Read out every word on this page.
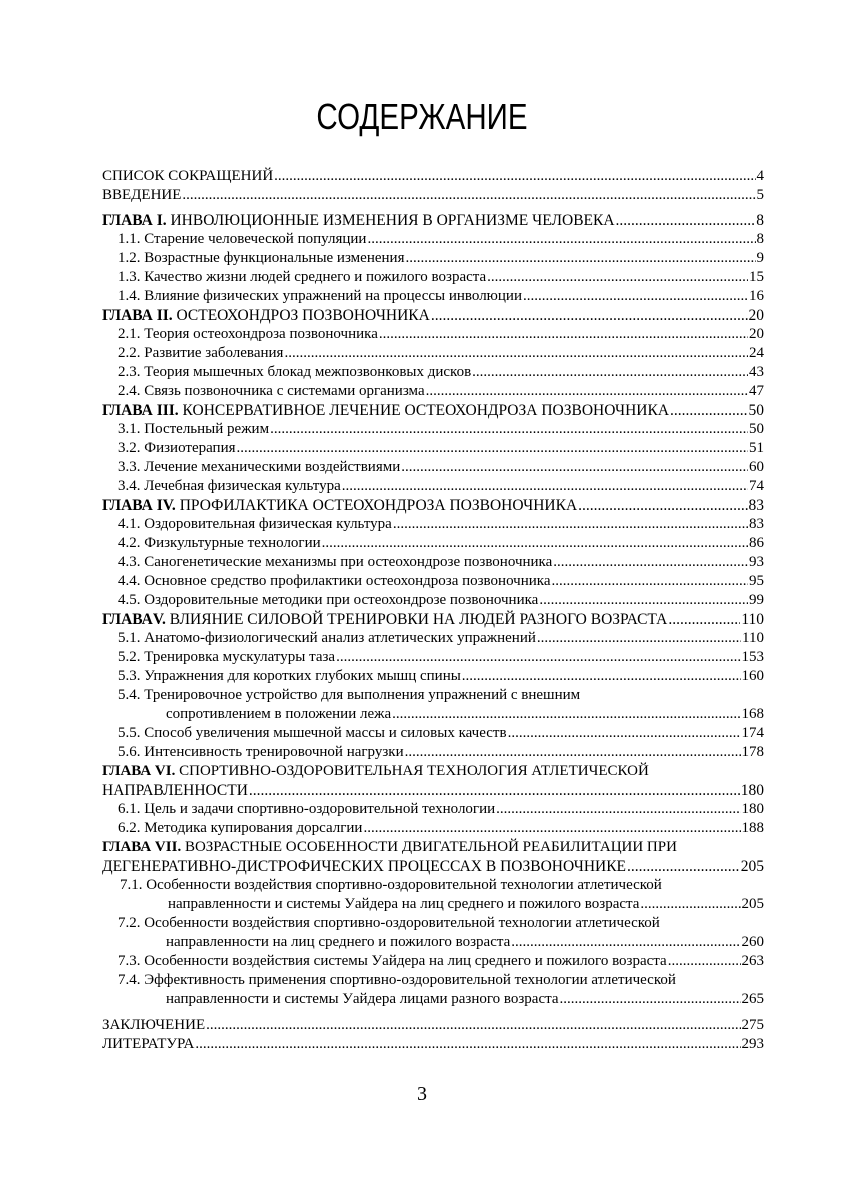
СОДЕРЖАНИЕ
СПИСОК СОКРАЩЕНИЙ .....	4
ВВЕДЕНИЕ .....	5
ГЛАВА I. ИНВОЛЮЦИОННЫЕ ИЗМЕНЕНИЯ В ОРГАНИЗМЕ ЧЕЛОВЕКА .....	8
1.1. Старение человеческой популяции .....	8
1.2. Возрастные функциональные изменения .....	9
1.3. Качество жизни людей среднего и пожилого возраста .....	15
1.4. Влияние физических упражнений на процессы инволюции .....	16
ГЛАВА II. ОСТЕОХОНДРОЗ ПОЗВОНОЧНИКА .....	20
2.1. Теория остеохондроза позвоночника .....	20
2.2. Развитие заболевания .....	24
2.3. Теория мышечных блокад межпозвонковых дисков .....	43
2.4. Связь позвоночника с системами организма .....	47
ГЛАВА III. КОНСЕРВАТИВНОЕ ЛЕЧЕНИЕ ОСТЕОХОНДРОЗА ПОЗВОНОЧНИКА .....	50
3.1. Постельный режим .....	50
3.2. Физиотерапия .....	51
3.3. Лечение механическими воздействиями .....	60
3.4. Лечебная физическая культура .....	74
ГЛАВА IV. ПРОФИЛАКТИКА ОСТЕОХОНДРОЗА ПОЗВОНОЧНИКА .....	83
4.1. Оздоровительная физическая культура .....	83
4.2. Физкультурные технологии .....	86
4.3. Саногенетические механизмы при остеохондрозе позвоночника .....	93
4.4. Основное средство профилактики остеохондроза позвоночника .....	95
4.5. Оздоровительные методики при остеохондрозе позвоночника .....	99
ГЛАВАV. ВЛИЯНИЕ СИЛОВОЙ ТРЕНИРОВКИ НА ЛЮДЕЙ РАЗНОГО ВОЗРАСТА .....	110
5.1. Анатомо-физиологический анализ атлетических упражнений .....	110
5.2. Тренировка мускулатуры таза .....	153
5.3. Упражнения для коротких глубоких мышц спины .....	160
5.4. Тренировочное устройство для выполнения упражнений с внешним
сопротивлением в положении лежа .....	168
5.5. Способ увеличения мышечной массы и силовых качеств .....	174
5.6. Интенсивность тренировочной нагрузки .....	178
ГЛАВА VI. СПОРТИВНО-ОЗДОРОВИТЕЛЬНАЯ ТЕХНОЛОГИЯ АТЛЕТИЧЕСКОЙ
НАПРАВЛЕННОСТИ .....	180
6.1. Цель и задачи спортивно-оздоровительной технологии .....	180
6.2. Методика купирования дорсалгии .....	188
ГЛАВА VII. ВОЗРАСТНЫЕ ОСОБЕННОСТИ ДВИГАТЕЛЬНОЙ РЕАБИЛИТАЦИИ ПРИ
ДЕГЕНЕРАТИВНО-ДИСТРОФИЧЕСКИХ ПРОЦЕССАХ В ПОЗВОНОЧНИКЕ .....	205
7.1. Особенности воздействия спортивно-оздоровительной технологии атлетической
направленности и системы Уайдера на лиц среднего и пожилого возраста .....	205
7.2. Особенности воздействия спортивно-оздоровительной технологии атлетической
направленности на лиц среднего и пожилого возраста .....	260
7.3. Особенности воздействия системы Уайдера на лиц среднего и пожилого возраста .....	263
7.4. Эффективность применения спортивно-оздоровительной технологии атлетической
направленности и системы Уайдера лицами разного возраста .....	265
ЗАКЛЮЧЕНИЕ .....	275
ЛИТЕРАТУРА .....	293
3
